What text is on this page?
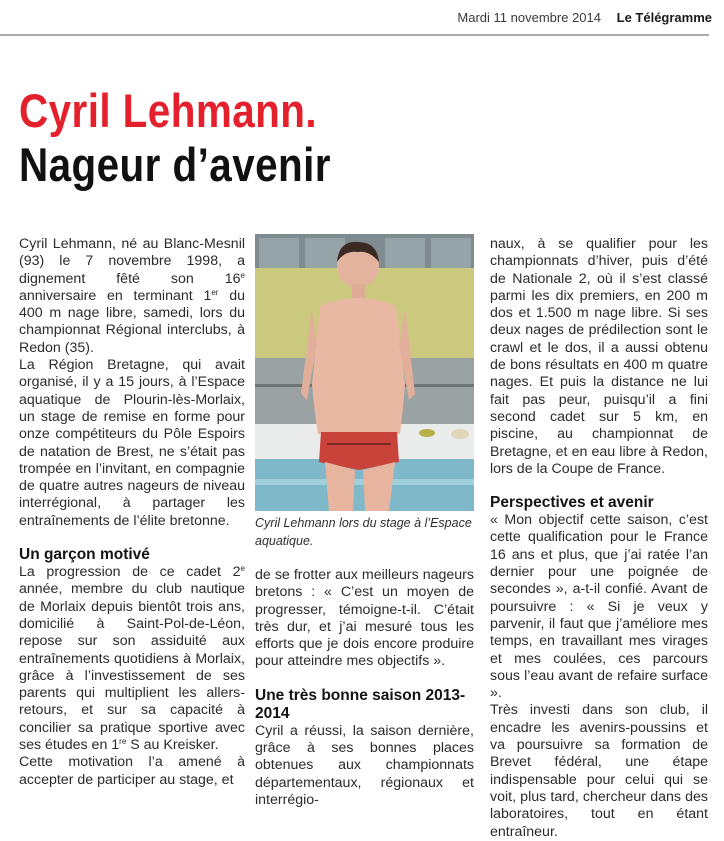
Mardi 11 novembre 2014 Le Télégramme
Cyril Lehmann.
Nageur d’avenir

Cyril Lehmann, né au Blanc-Mesnil (93) le 7 novembre 1998, a dignement fêté son 16e anniversaire en terminant 1er du 400 m nage libre, samedi, lors du championnat Régional interclubs, à Redon (35).

La Région Bretagne, qui avait organisé, il y a 15 jours, à l’Espace aquatique de Plourin-lès-Morlaix, un stage de remise en forme pour onze compétiteurs du Pôle Espoirs de natation de Brest, ne s’était pas trompée en l’invitant, en compagnie de quatre autres nageurs de niveau interrégional, à partager les entraînements de l’élite bretonne.

Un garçon motivé

La progression de ce cadet 2e année, membre du club nautique de Morlaix depuis bientôt trois ans, domicilié à Saint-Pol-de-Léon, repose sur son assiduité aux entraînements quotidiens à Morlaix, grâce à l’investissement de ses parents qui multiplient les allers-retours, et sur sa capacité à concilier sa pratique sportive avec ses études en 1re S au Kreisker.

Cette motivation l’a amené à accepter de participer au stage, et

Cyril Lehmann lors du stage à l’Espace aquatique.

de se frotter aux meilleurs nageurs bretons : « C’est un moyen de progresser, témoigne-t-il. C’était très dur, et j’ai mesuré tous les efforts que je dois encore produire pour atteindre mes objectifs ».

Une très bonne saison 2013-2014

Cyril a réussi, la saison dernière, grâce à ses bonnes places obtenues aux championnats départementaux, régionaux et interrégio-

naux, à se qualifier pour les championnats d’hiver, puis d’été de Nationale 2, où il s’est classé parmi les dix premiers, en 200 m dos et 1.500 m nage libre. Si ses deux nages de prédilection sont le crawl et le dos, il a aussi obtenu de bons résultats en 400 m quatre nages. Et puis la distance ne lui fait pas peur, puisqu’il a fini second cadet sur 5 km, en piscine, au championnat de Bretagne, et en eau libre à Redon, lors de la Coupe de France.

Perspectives et avenir

« Mon objectif cette saison, c’est cette qualification pour le France 16 ans et plus, que j’ai ratée l’an dernier pour une poignée de secondes », a-t-il confié. Avant de poursuivre : « Si je veux y parvenir, il faut que j’améliore mes temps, en travaillant mes virages et mes coulées, ces parcours sous l’eau avant de refaire surface ».

Très investi dans son club, il encadre les avenirs-poussins et va poursuivre sa formation de Brevet fédéral, une étape indispensable pour celui qui se voit, plus tard, chercheur dans des laboratoires, tout en étant entraîneur.
